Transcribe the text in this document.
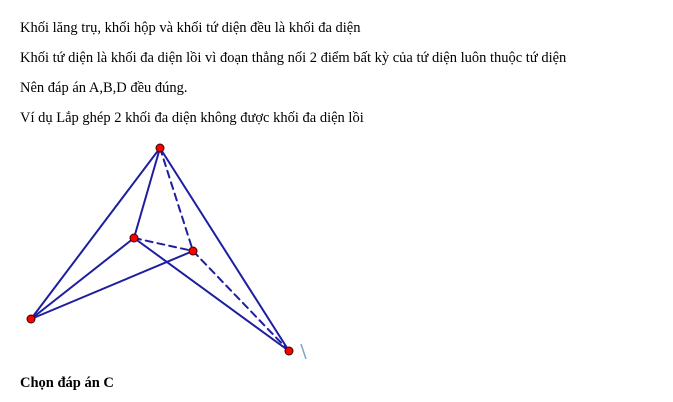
Khối lăng trụ, khối hộp và khối tứ diện đều là khối đa diện
Khối tứ diện là khối đa diện lồi vì đoạn thẳng nối 2 điểm bất kỳ của tứ diện luôn thuộc tứ diện
Nên đáp án A,B,D đều đúng.
Ví dụ Lắp ghép 2 khối đa diện không được khối đa diện lồi
Chọn đáp án C
